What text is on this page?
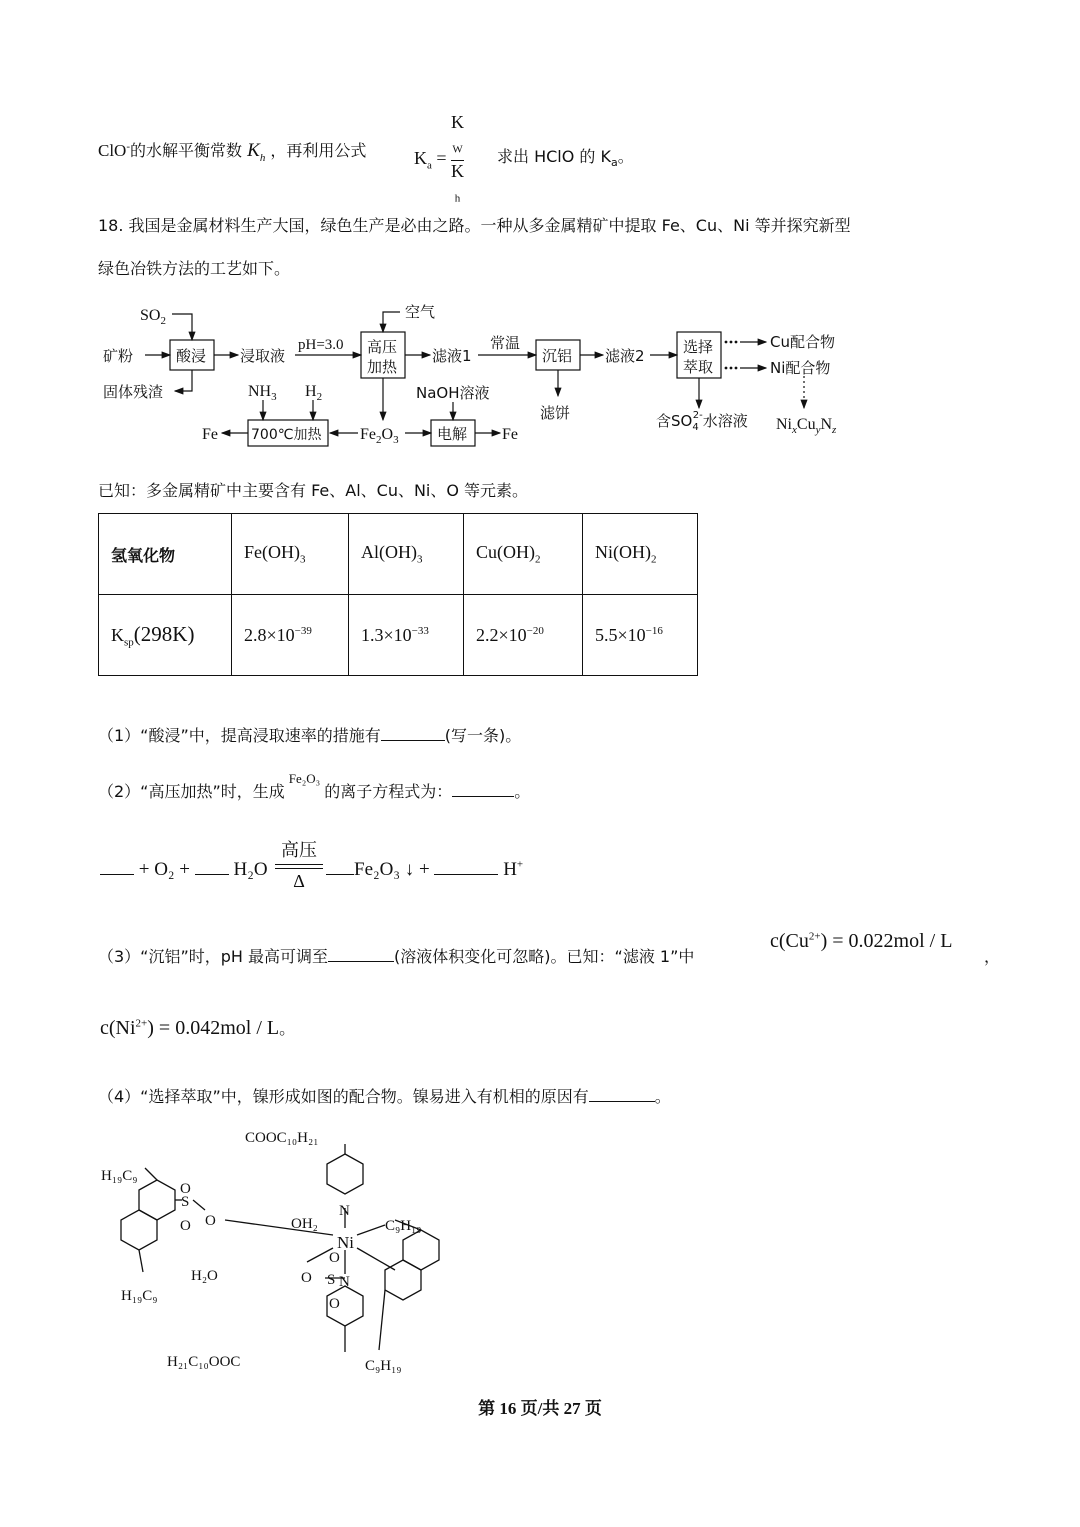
ClO-的水解平衡常数 $K_h$ ，再利用公式	$K_a = K$
$_W$
K
$_h$ 求出 HClO 的 $K_a$。
18. 我国是金属材料生产大国，绿色生产是必由之路。一种从多金属精矿中提取 Fe、Cu、Ni 等并探究新型
绿色冶铁方法的工艺如下。
$SO_2$
矿粉	酸浸
固体残渣
浸取液
pH=3.0
空气
高压
加热
滤液1
常温
沉铝
滤饼
滤液2	选择
萃取
Cu配合物
Ni配合物
含$SO_42-$水溶液 $Ni_xCu_yN_z$
$NH_3$ $H_2$	NaOH溶液
Fe 700℃加热 $Fe_2O_3$	电解 Fe
已知：多金属精矿中主要含有 Fe、Al、Cu、Ni、O 等元素。
氢氧化物	$Fe(OH)_3$	$Al(OH)_3$	$Cu(OH)_2$	$Ni(OH)_2$
$K_{sp}(298K)$	$2.8\times 10^{-39}$	$1.3\times 10^{-33}$	$2.2\times 10^{-20}$	$5.5\times 10^{-16}$
（1）“酸浸”中，提高浸取速率的措施有	(写一条)。
（2）“高压加热”时，生成$^{Fe_2O_3}$的离子方程式为：	。
+ O₂ + H₂O
高压
Δ
Fe₂O₃ ↓ +	H+
（3）“沉铝”时，pH 最高可调至	(溶液体积变化可忽略)。已知：“滤液 1”中
$c(Cu^{2+}) = 0.022mol / L$
，
$c(Ni^{2+}) = 0.042mol / L$。
（4）“选择萃取”中，镍形成如图的配合物。镍易进入有机相的原因有	。
COOC₁₀H₂₁
H₁₉C₉
H₁₉C₉
C₉H₁₉
C₉H₁₉
H₂₁C₁₀OOC
Ni
N
N
OH₂
H₂O
S
O
O
O
O S
O
O
第 16 页/共 27 页
